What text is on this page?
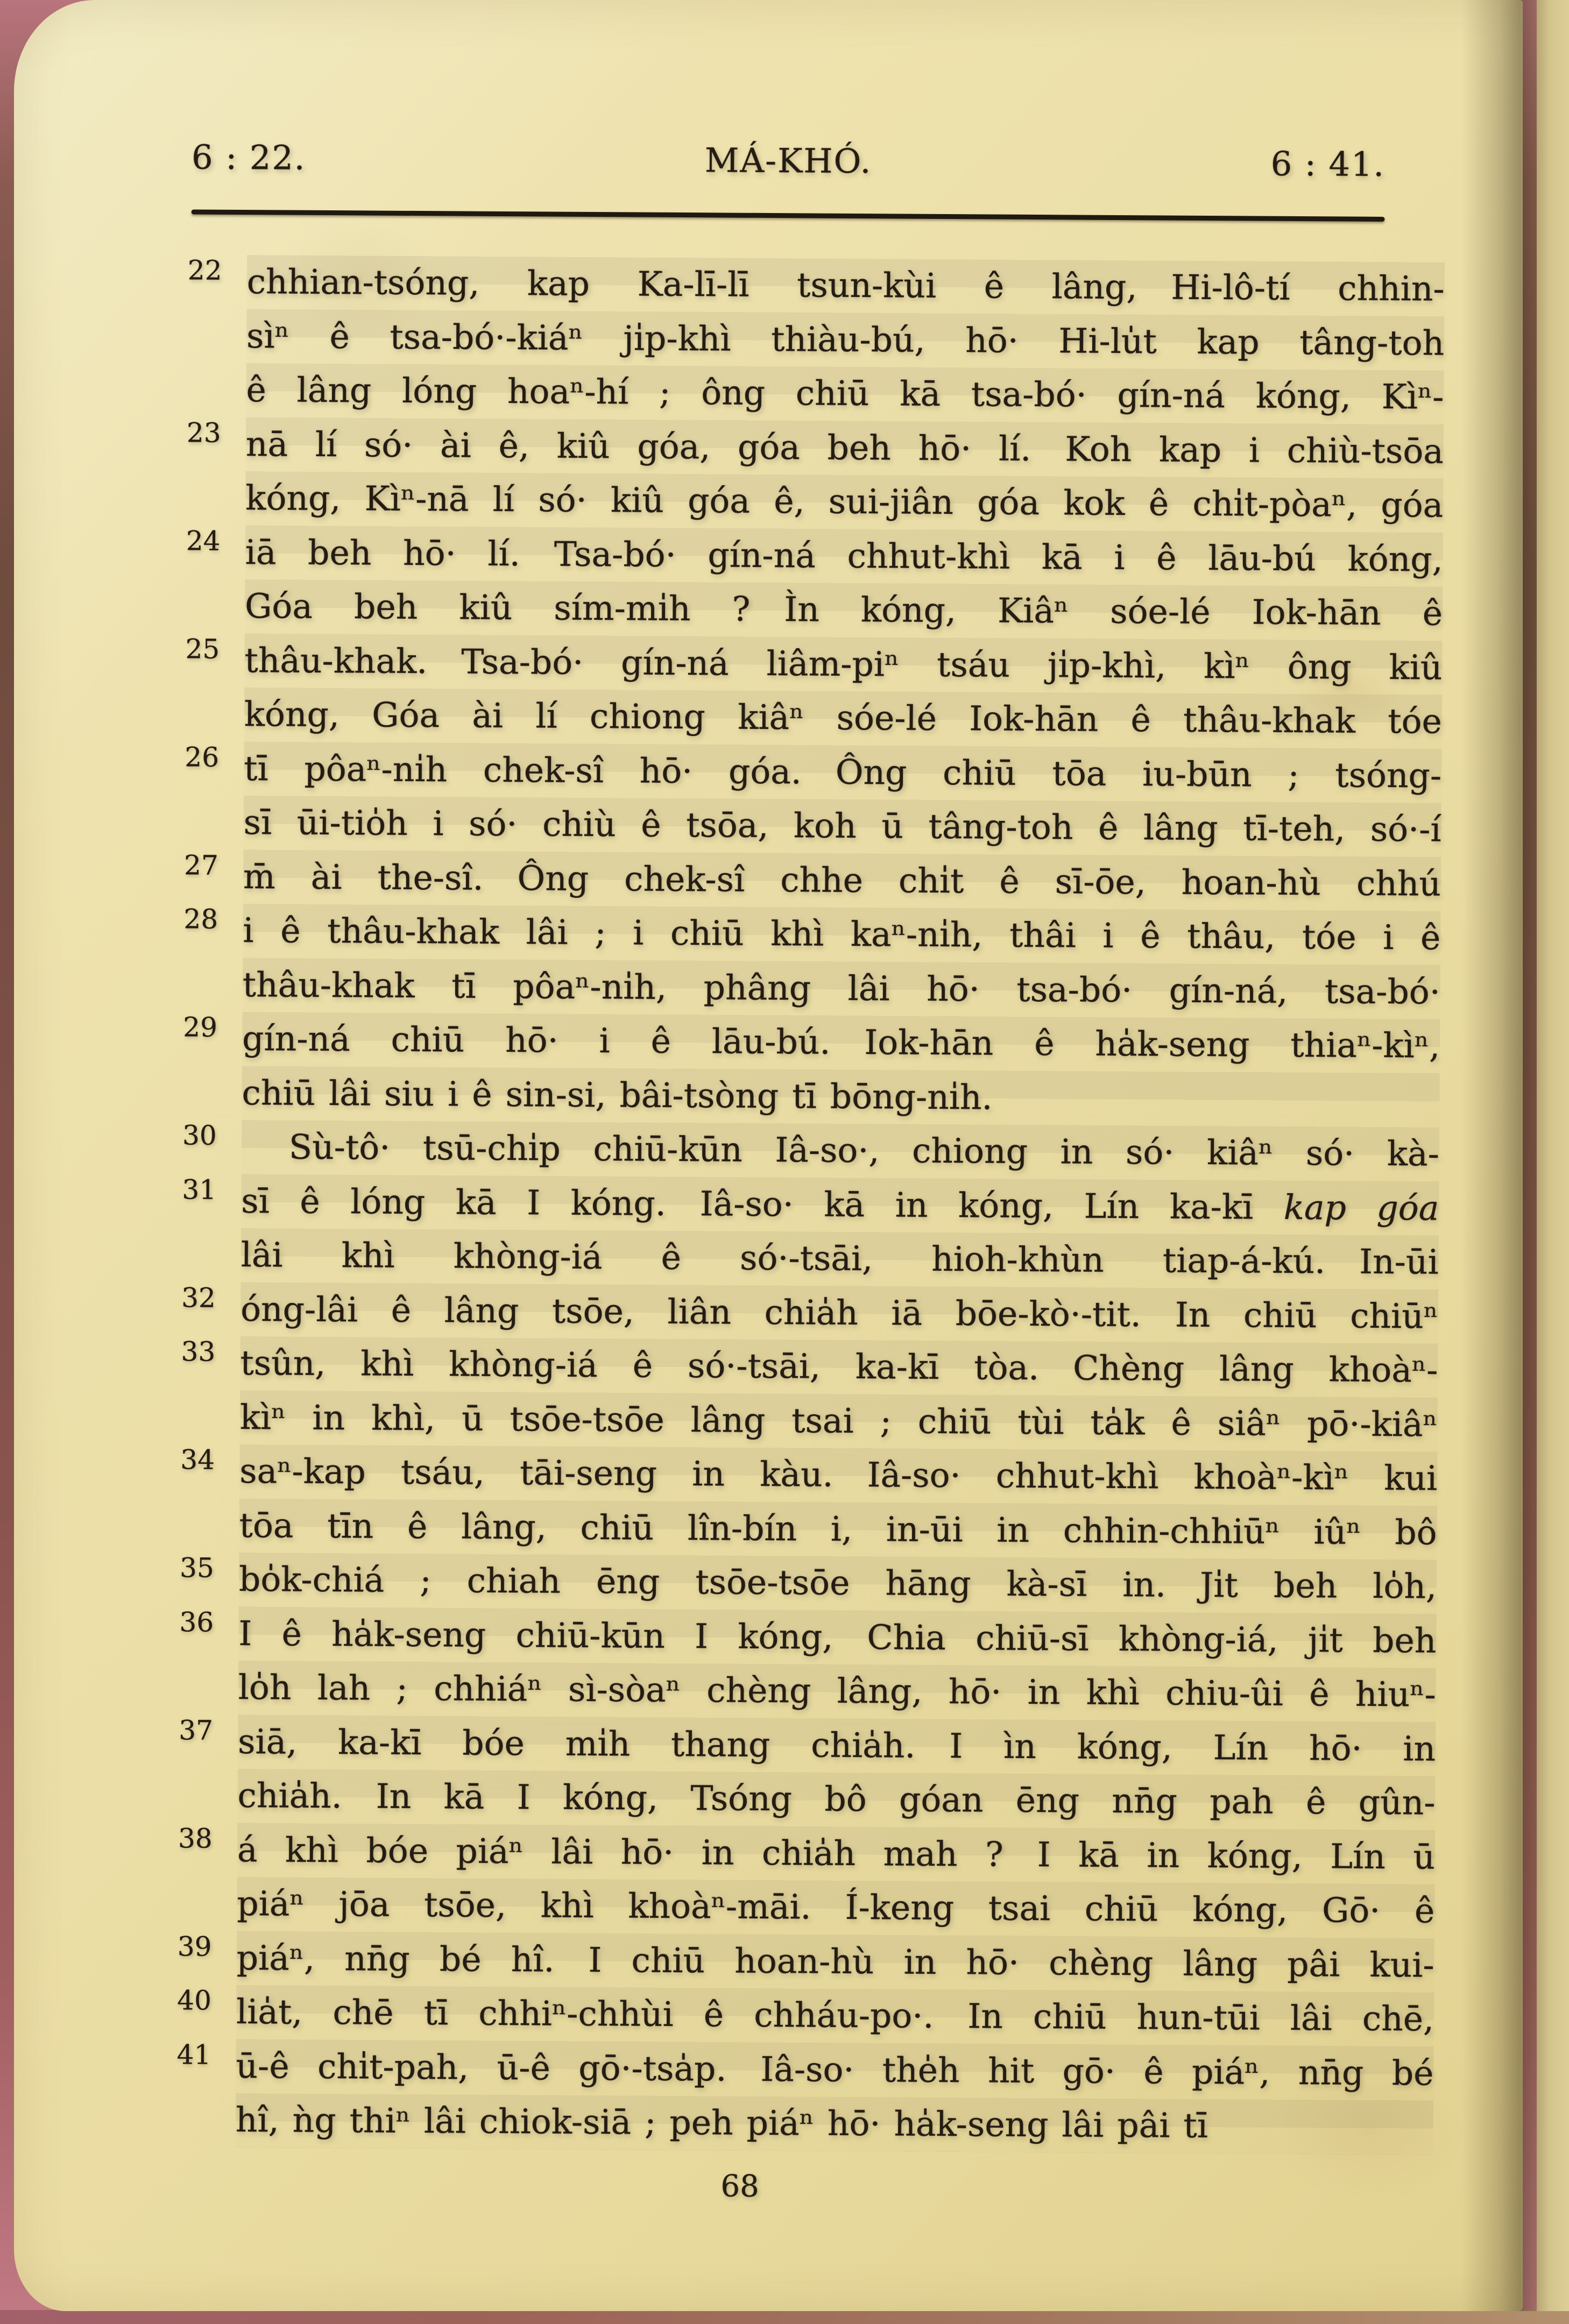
6 : 22.	MÁ-KHÓ.	6 : 41.
22 chhian-tsóng, kap Ka-lī-lī tsun-kùi ê lâng,  Hi-lô-tí chhin-
sìⁿ ê tsa-bó·-kiáⁿ ji̍p-khì thiàu-bú, hō· Hi-lu̍t kap tâng-toh
ê lâng lóng hoaⁿ-hí ; ông chiū kā tsa-bó· gín-ná kóng, Kìⁿ-
23 nā lí só· ài ê, kiû góa, góa beh hō· lí.  Koh kap i chiù-tsōa
kóng, Kìⁿ-nā lí só· kiû góa ê, sui-jiân góa kok ê chi̍t-pòaⁿ, góa
24 iā beh hō· lí.  Tsa-bó· gín-ná chhut-khì kā i ê lāu-bú kóng,
Góa beh kiû sím-mi̍h ?  Ìn kóng, Kiâⁿ sóe-lé Iok-hān ê
25 thâu-khak.  Tsa-bó· gín-ná liâm-piⁿ tsáu ji̍p-khì, kìⁿ ông kiû
kóng, Góa ài lí chiong kiâⁿ sóe-lé Iok-hān ê thâu-khak tóe
26 tī pôaⁿ-ni̍h chek-sî hō· góa.  Ông chiū tōa iu-būn ; tsóng-
sī ūi-tio̍h i só· chiù ê tsōa, koh ū tâng-toh ê lâng tī-teh, só·-í
27 m̄ ài the-sî.  Ông chek-sî chhe chi̍t ê sī-ōe, hoan-hù chhú
28 i ê thâu-khak lâi ; i chiū khì kaⁿ-ni̍h, thâi i ê thâu, tóe i ê
thâu-khak tī pôaⁿ-ni̍h, phâng lâi hō· tsa-bó· gín-ná, tsa-bó·
29 gín-ná chiū hō· i ê lāu-bú.  Iok-hān ê ha̍k-seng thiaⁿ-kìⁿ,
chiū lâi siu i ê sin-si, bâi-tsòng tī bōng-ni̍h.
30	Sù-tô· tsū-chi̍p chiū-kūn Iâ-so·, chiong in só· kiâⁿ só· kà-
31 sī ê lóng kā I kóng.  Iâ-so· kā in kóng, Lín ka-kī kap góa
lâi khì khòng-iá ê só·-tsāi, hioh-khùn tiap-á-kú.  In-ūi
32 óng-lâi ê lâng tsōe, liân chia̍h iā bōe-kò·-tit.  In chiū chiūⁿ
33 tsûn, khì khòng-iá ê só·-tsāi, ka-kī tòa.  Chèng lâng khoàⁿ-
kìⁿ in khì, ū tsōe-tsōe lâng tsai ; chiū tùi ta̍k ê siâⁿ pō·-kiâⁿ
34 saⁿ-kap tsáu, tāi-seng in kàu.  Iâ-so· chhut-khì khoàⁿ-kìⁿ kui
tōa tīn ê lâng, chiū lîn-bín i, in-ūi in chhin-chhiūⁿ iûⁿ bô
35 bo̍k-chiá ; chiah ēng tsōe-tsōe hāng kà-sī in.  Ji̍t beh lo̍h,
36 I ê ha̍k-seng chiū-kūn I kóng,  Chia chiū-sī khòng-iá, ji̍t beh
lo̍h lah ; chhiáⁿ sì-sòaⁿ chèng lâng, hō· in khì chiu-ûi ê hiuⁿ-
37 siā, ka-kī bóe mi̍h thang chia̍h.  I ìn kóng, Lín hō· in
chia̍h.  In kā I kóng, Tsóng bô góan ēng nn̄g pah ê gûn-
38 á khì bóe piáⁿ lâi hō· in chia̍h mah ?  I kā in kóng, Lín ū
piáⁿ jōa tsōe, khì khoàⁿ-māi.  Í-keng tsai chiū kóng, Gō· ê
39 piáⁿ, nn̄g bé hî.  I chiū hoan-hù in hō· chèng lâng pâi kui-
40 lia̍t, chē tī chhiⁿ-chhùi ê chháu-po·.  In chiū hun-tūi lâi chē,
41 ū-ê chi̍t-pah, ū-ê gō·-tsa̍p.  Iâ-so· the̍h hit gō· ê piáⁿ, nn̄g bé
hî, ǹg thiⁿ lâi chiok-siā ; peh piáⁿ hō· ha̍k-seng lâi pâi tī
68
